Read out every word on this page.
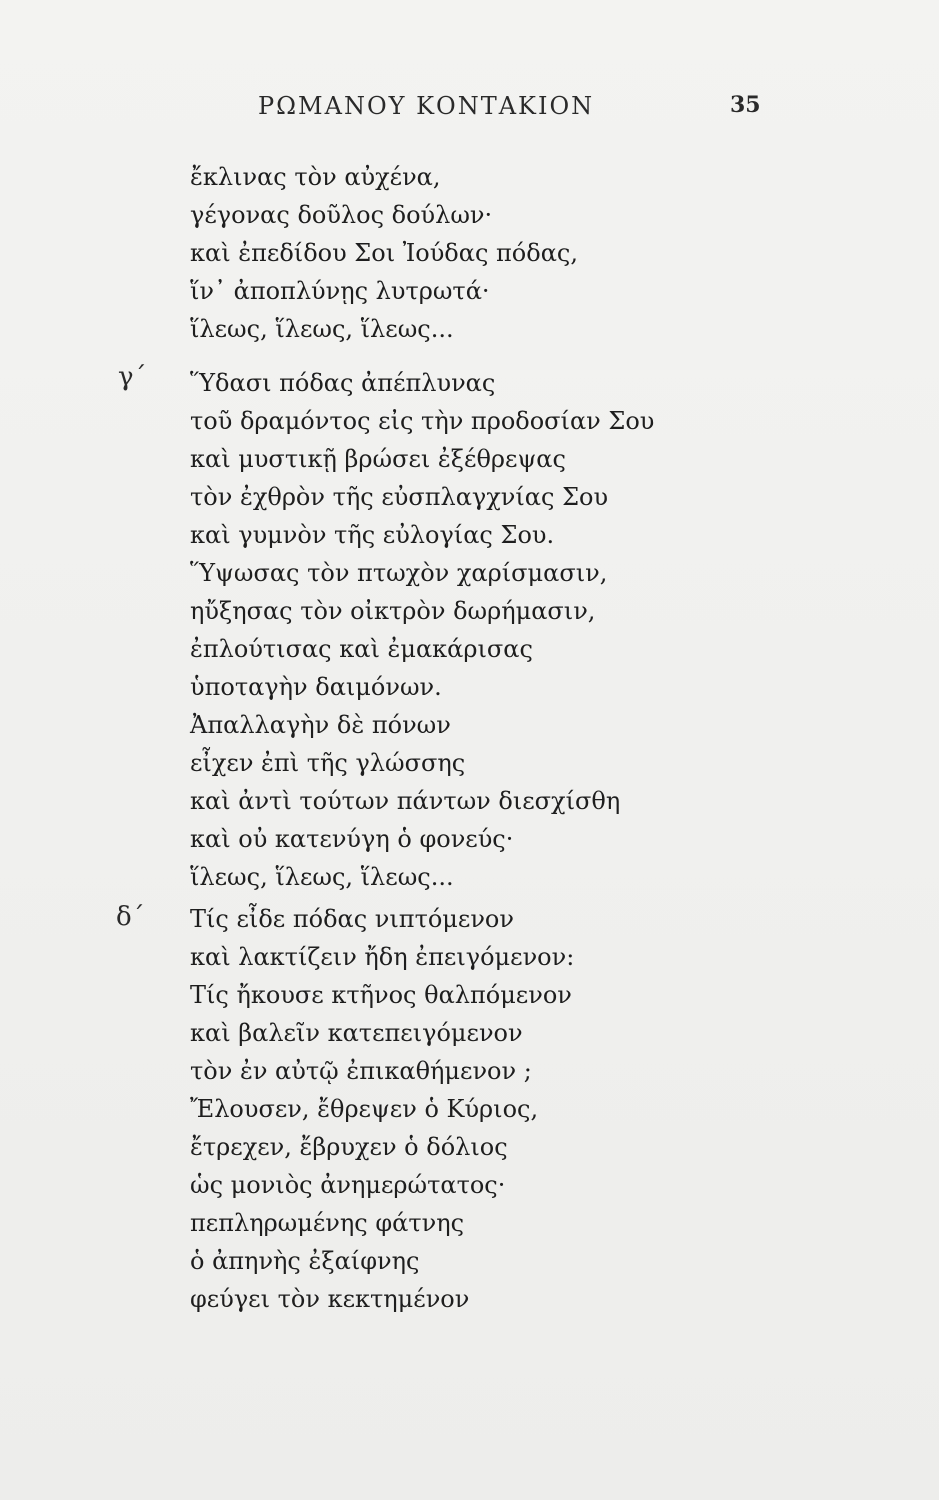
ΡΩΜΑΝΟΥ ΚΟΝΤΑΚΙΟΝ	35
ἔκλινας τὸν αὐχένα,
γέγονας δοῦλος δούλων·
καὶ ἐπεδίδου Σοι Ἰούδας πόδας,
ἵν᾽ ἀποπλύνῃς λυτρωτά·
ἵλεως, ἵλεως, ἵλεως...
γ´ Ὕδασι πόδας ἀπέπλυνας
τοῦ δραμόντος εἰς τὴν προδοσίαν Σου
καὶ μυστικῇ βρώσει ἐξέθρεψας
τὸν ἐχθρὸν τῆς εὐσπλαγχνίας Σου
καὶ γυμνὸν τῆς εὐλογίας Σου.
Ὕψωσας τὸν πτωχὸν χαρίσμασιν,
ηὔξησας τὸν οἰκτρὸν δωρήμασιν,
ἐπλούτισας καὶ ἐμακάρισας
ὑποταγὴν δαιμόνων.
Ἀπαλλαγὴν δὲ πόνων
εἶχεν ἐπὶ τῆς γλώσσης
καὶ ἀντὶ τούτων πάντων διεσχίσθη
καὶ οὐ κατενύγη ὁ φονεύς·
ἵλεως, ἵλεως, ἵλεως...
δ´ Τίς εἶδε πόδας νιπτόμενον
καὶ λακτίζειν ἤδη ἐπειγόμενον:
Τίς ἤκουσε κτῆνος θαλπόμενον
καὶ βαλεῖν κατεπειγόμενον
τὸν ἐν αὐτῷ ἐπικαθήμενον ;
Ἔλουσεν, ἔθρεψεν ὁ Κύριος,
ἔτρεχεν, ἔβρυχεν ὁ δόλιος
ὡς μονιὸς ἀνημερώτατος·
πεπληρωμένης φάτνης
ὁ ἀπηνὴς ἐξαίφνης
φεύγει τὸν κεκτημένον
